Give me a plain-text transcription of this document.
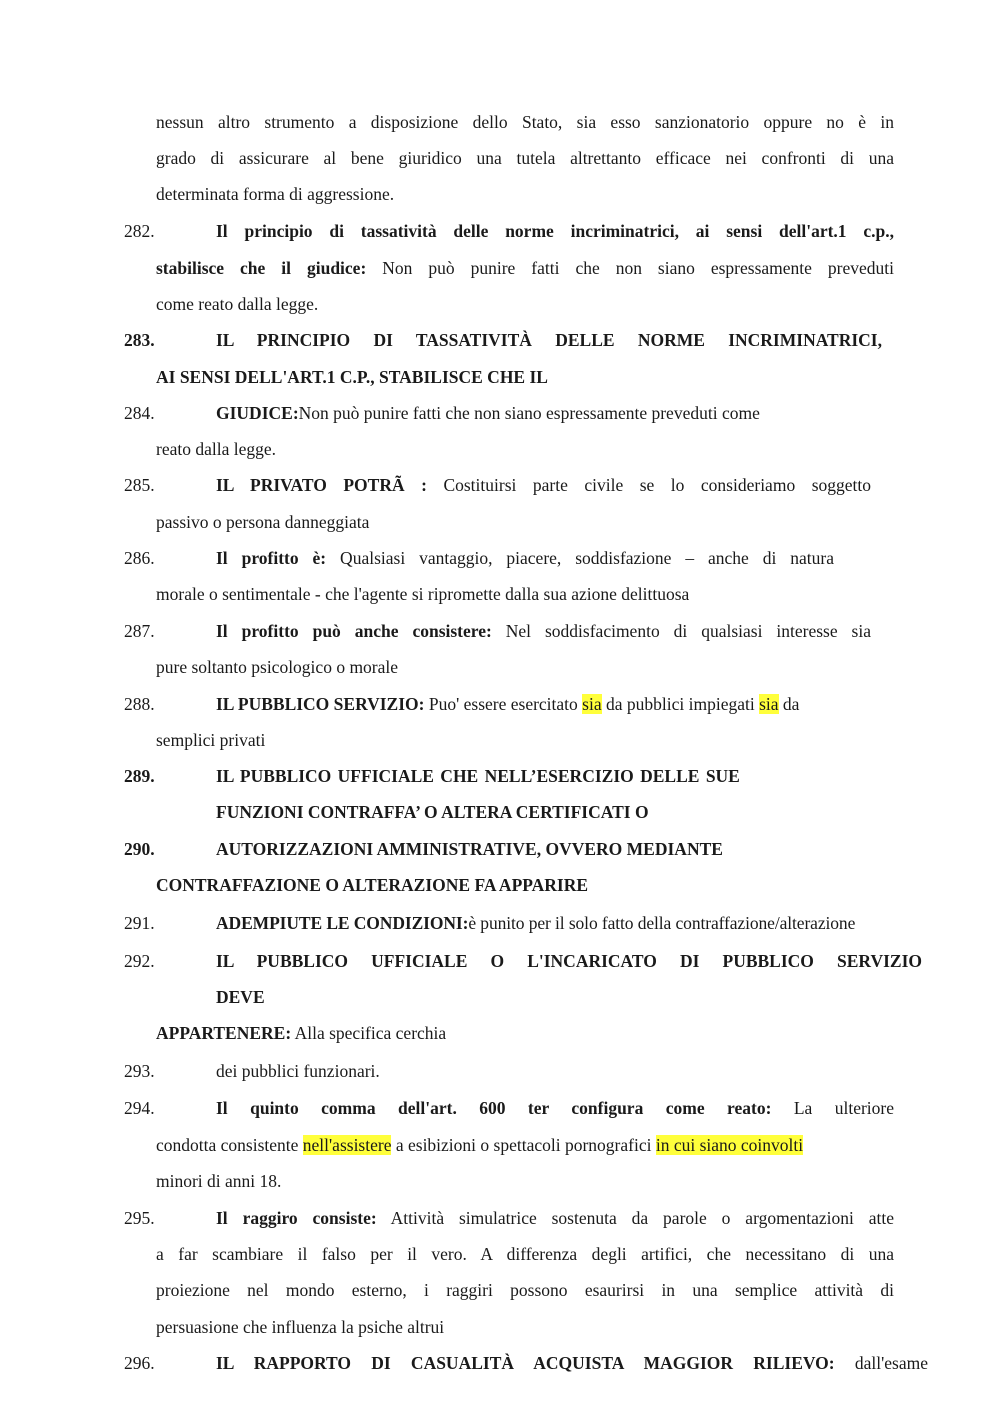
nessun altro strumento a disposizione dello Stato, sia esso sanzionatorio oppure no è in
grado di assicurare al bene giuridico una tutela altrettanto efficace nei confronti di una
determinata forma di aggressione.
282.	Il principio di tassatività delle norme incriminatrici, ai sensi dell'art.1 c.p.,
stabilisce che il giudice: Non può punire fatti che non siano espressamente preveduti
come reato dalla legge.
283.	IL PRINCIPIO DI TASSATIVITÀ DELLE NORME INCRIMINATRICI,
AI SENSI DELL'ART.1 C.P., STABILISCE CHE IL
284.	GIUDICE:Non può punire fatti che non siano espressamente preveduti come
reato dalla legge.
285.	IL PRIVATO POTRÃ : Costituirsi parte civile se lo consideriamo soggetto
passivo o persona danneggiata
286.	Il profitto è: Qualsiasi vantaggio, piacere, soddisfazione – anche di natura
morale o sentimentale - che l'agente si ripromette dalla sua azione delittuosa
287.	Il profitto può anche consistere: Nel soddisfacimento di qualsiasi interesse sia
pure soltanto psicologico o morale
288.	IL PUBBLICO SERVIZIO: Puo' essere esercitato sia da pubblici impiegati sia da
semplici privati
289.	IL PUBBLICO UFFICIALE CHE NELL’ESERCIZIO DELLE SUE
FUNZIONI CONTRAFFA’ O ALTERA CERTIFICATI O
290.	AUTORIZZAZIONI AMMINISTRATIVE, OVVERO MEDIANTE
CONTRAFFAZIONE O ALTERAZIONE FA APPARIRE
291.	ADEMPIUTE LE CONDIZIONI:è punito per il solo fatto della contraffazione/alterazione
292.	IL PUBBLICO UFFICIALE O L'INCARICATO DI PUBBLICO SERVIZIO
DEVE
APPARTENERE: Alla specifica cerchia
293.	dei pubblici funzionari.
294.	Il quinto comma dell'art. 600 ter configura come reato: La ulteriore
condotta consistente nell'assistere a esibizioni o spettacoli pornografici in cui siano coinvolti
minori di anni 18.
295.	Il raggiro consiste: Attività simulatrice sostenuta da parole o argomentazioni atte
a far scambiare il falso per il vero. A differenza degli artifici, che necessitano di una
proiezione nel mondo esterno, i raggiri possono esaurirsi in una semplice attività di
persuasione che influenza la psiche altrui
296.	IL RAPPORTO DI CASUALITÀ ACQUISTA MAGGIOR RILIEVO: dall'esame
